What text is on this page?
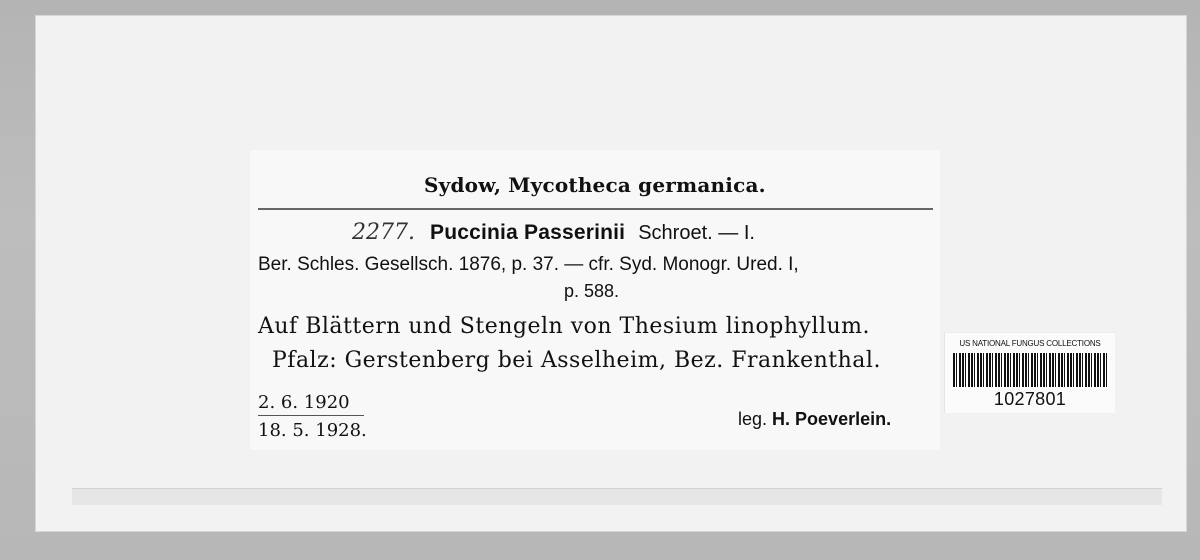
Sydow, Mycotheca germanica.
2277. Puccinia Passerinii Schroet. — I.
Ber. Schles. Gesellsch. 1876, p. 37. — cfr. Syd. Monogr. Ured. I,
p. 588.
Auf Blättern und Stengeln von Thesium linophyllum.
Pfalz: Gerstenberg bei Asselheim, Bez. Frankenthal.
2. 6. 1920
18. 5. 1928.
leg. H. Poeverlein.
US NATIONAL FUNGUS COLLECTIONS
1027801
